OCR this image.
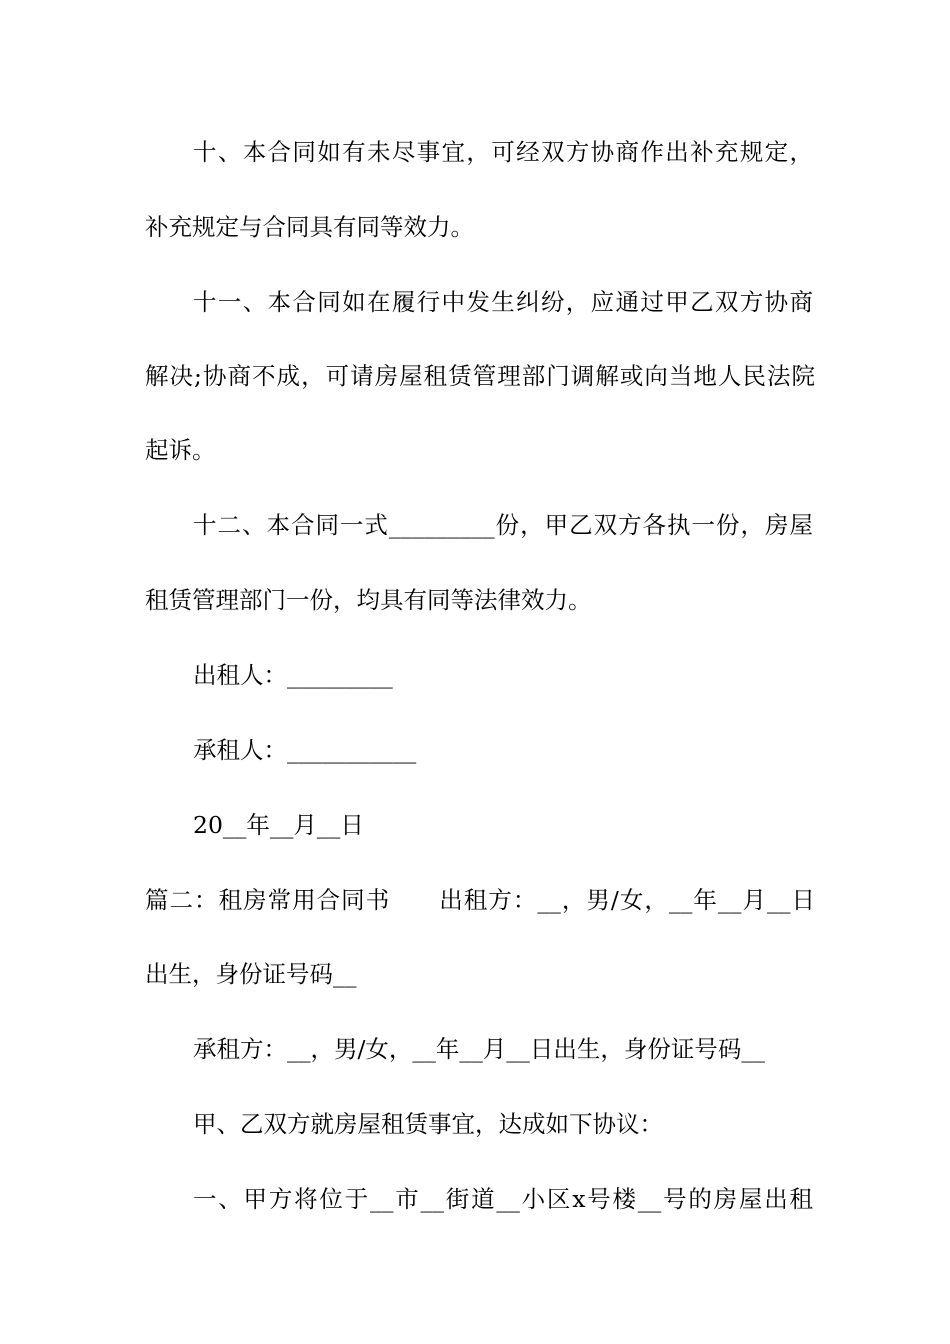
十、本合同如有未尽事宜，可经双方协商作出补充规定，
补充规定与合同具有同等效力。
十一、本合同如在履行中发生纠纷，应通过甲乙双方协商
解决;协商不成，可请房屋租赁管理部门调解或向当地人民法院
起诉。
十二、本合同一式_________份，甲乙双方各执一份，房屋
租赁管理部门一份，均具有同等法律效力。
出租人：_________
承租人：___________
20__年__月__日
篇二：租房常用合同书　　出租方：__，男/女，__年__月__日
出生，身份证号码__
承租方：__，男/女，__年__月__日出生，身份证号码__
甲、乙双方就房屋租赁事宜，达成如下协议：
一、甲方将位于__市__街道__小区x号楼__号的房屋出租
